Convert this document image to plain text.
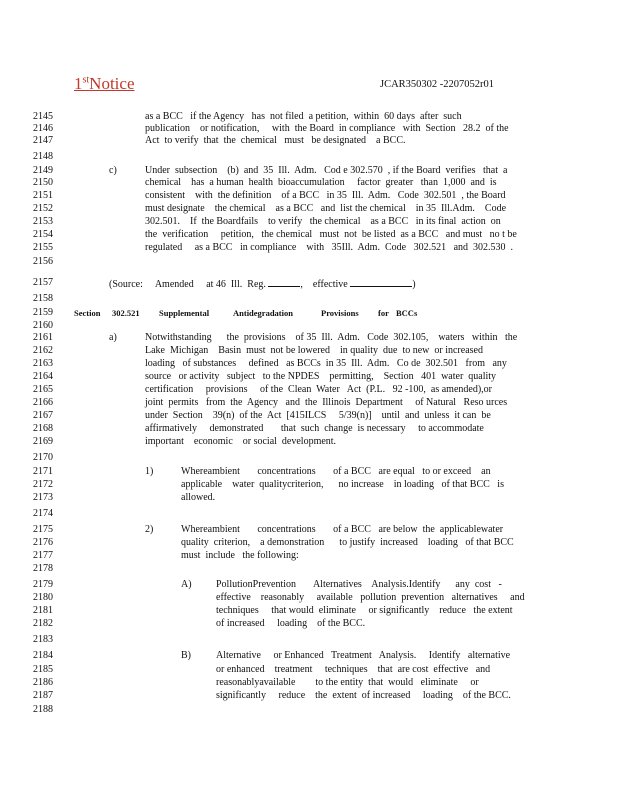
1stNotice	JCAR350302 -2207052r01
2145
2146
2147
2148
2149
2150
2151
2152
2153
2154
2155
2156
2157
2158
2159
2160
2161
2162
2163
2164
2165
2166
2167
2168
2169
2170
2171
2172
2173
2174
2175
2176
2177
2178
2179
2180
2181
2182
2183
2184
2185
2186
2187
2188
as a BCC   if the Agency   has  not filed  a petition,  within  60 days  after  such
publication    or notification,     with  the Board  in compliance   with  Section   28.2  of the
Act  to verify  that  the  chemical   must   be designated    a BCC.
c)	Under  subsection    (b)  and  35  Ill.  Adm.   Cod e 302.570  , if the Board  verifies   that  a
chemical    has  a human  health  bioaccumulation     factor  greater   than  1,000  and  is
consistent    with  the definition    of a BCC   in 35  Ill.  Adm.   Code  302.501  , the Board
must designate    the chemical    as a BCC   and  list the chemical    in 35  Ill.Adm.    Code
302.501.    If  the Boardfails    to verify   the chemical    as a BCC   in its final  action  on
the  verification     petition,   the chemical   must  not  be listed  as a BCC   and must   no t be
regulated     as a BCC   in compliance    with   35Ill.  Adm.  Code   302.521   and  302.530  .
(Source:     Amended     at 46  Ill.  Reg.	,    effective	)
Section 302.521 Supplemental	Antidegradation	Provisions for BCCs
a)	Notwithstanding      the  provisions    of 35  Ill.  Adm.   Code  302.105,    waters   within   the
Lake  Michigan    Basin  must  not be lowered    in quality  due  to new  or increased
loading   of substances     defined   as BCCs  in 35  Ill.  Adm.   Co de  302.501   from   any
source   or activity   subject   to the NPDES    permitting,    Section   401  water  quality
certification     provisions     of the  Clean  Water   Act  (P.L.   92 -100,  as amended),or
joint  permits   from  the  Agency   and  the  Illinois  Department     of Natural   Reso urces
under  Section    39(n)  of the  Act  [415ILCS     5/39(n)]    until  and  unless  it can  be
affirmatively     demonstrated       that  such  change  is necessary     to accommodate
important    economic    or social  development.
1)	Whereambient       concentrations       of a BCC   are equal   to or exceed    an
applicable    water  qualitycriterion,      no increase    in loading   of that BCC   is
allowed.
2)	Whereambient       concentrations       of a BCC   are below  the  applicablewater
quality  criterion,    a demonstration      to justify  increased    loading   of that BCC
must  include   the following:
A) PollutionPrevention       Alternatives    Analysis.Identify      any  cost   -
effective    reasonably     available   pollution  prevention   alternatives     and
techniques     that would  eliminate     or significantly    reduce   the extent
of increased     loading    of the BCC.
B)	Alternative     or Enhanced   Treatment   Analysis.     Identify   alternative
or enhanced    treatment     techniques    that  are cost  effective   and
reasonablyavailable        to the entity  that  would   eliminate     or
significantly     reduce    the  extent  of increased     loading    of the BCC.
